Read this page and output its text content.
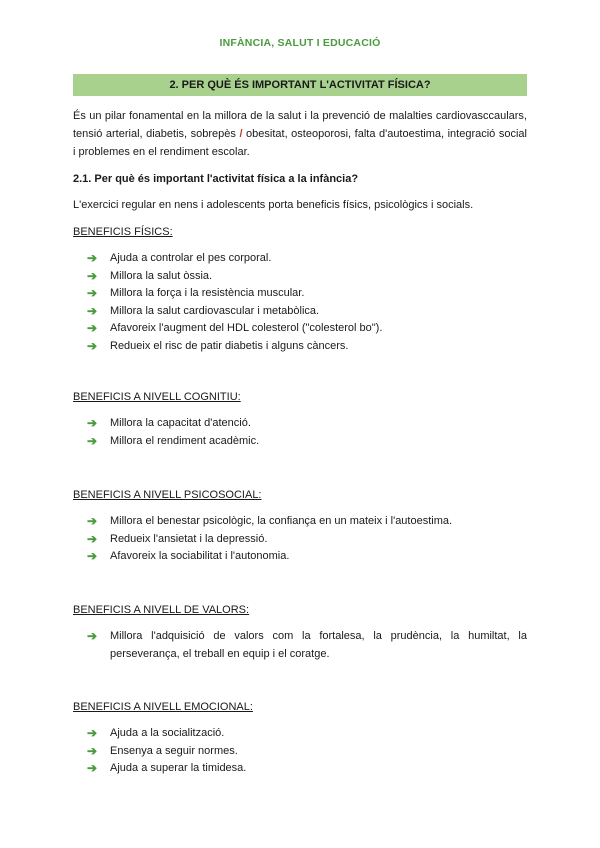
INFÀNCIA, SALUT I EDUCACIÓ
2. PER QUÈ ÉS IMPORTANT L'ACTIVITAT FÍSICA?
És un pilar fonamental en la millora de la salut i la prevenció de malalties cardiovasccaulars, tensió arterial, diabetis, sobrepès / obesitat, osteoporosi, falta d'autoestima, integració social i problemes en el rendiment escolar.
2.1. Per què és important l'activitat física a la infància?
L'exercici regular en nens i adolescents porta beneficis físics, psicològics i socials.
BENEFICIS FÍSICS:
➔ Ajuda a controlar el pes corporal.
➔ Millora la salut òssia.
➔ Millora la força i la resistència muscular.
➔ Millora la salut cardiovascular i metabòlica.
➔ Afavoreix l'augment del HDL colesterol ("colesterol bo").
➔ Redueix el risc de patir diabetis i alguns càncers.
BENEFICIS A NIVELL COGNITIU:
➔ Millora la capacitat d'atenció.
➔ Millora el rendiment acadèmic.
BENEFICIS A NIVELL PSICOSOCIAL:
➔ Millora el benestar psicològic, la confiança en un mateix i l'autoestima.
➔ Redueix l'ansietat i la depressió.
➔ Afavoreix la sociabilitat i l'autonomia.
BENEFICIS A NIVELL DE VALORS:
➔ Millora l'adquisició de valors com la fortalesa, la prudència, la humiltat, la perseverança, el treball en equip i el coratge.
BENEFICIS A NIVELL EMOCIONAL:
➔ Ajuda a la socialització.
➔ Ensenya a seguir normes.
➔ Ajuda a superar la timidesa.
